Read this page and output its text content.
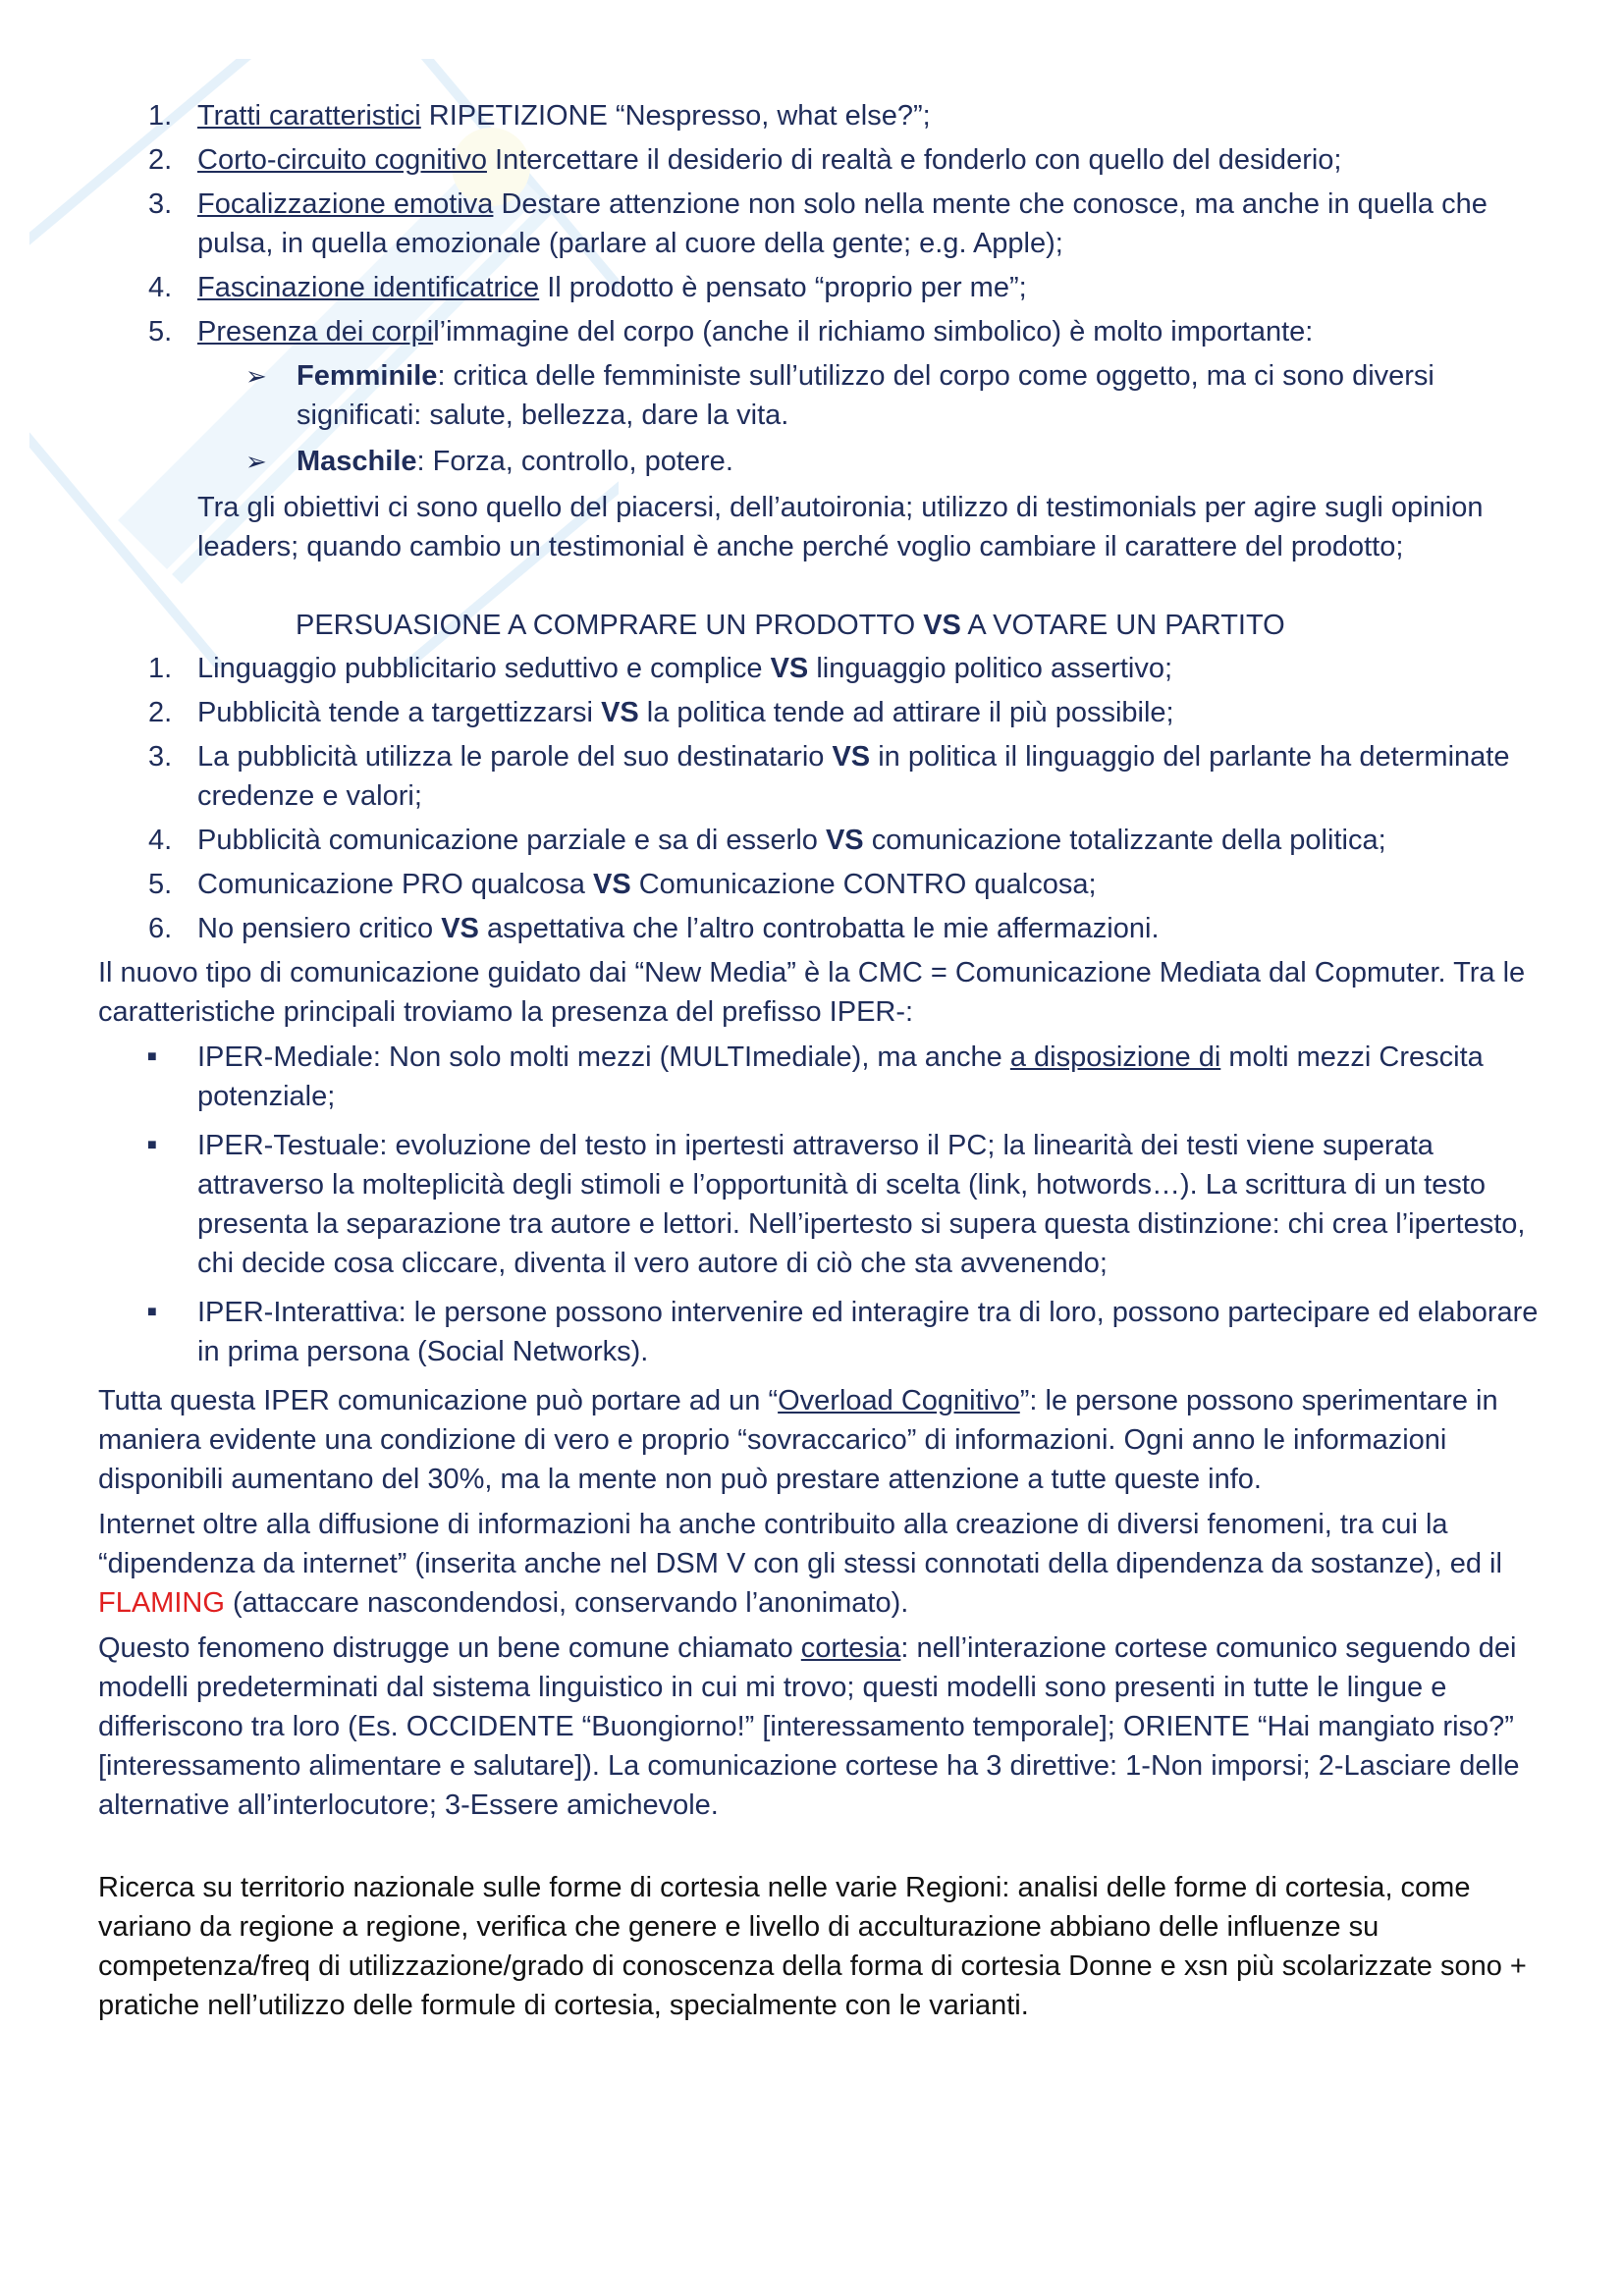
1. Tratti caratteristici RIPETIZIONE “Nespresso, what else?”;
2. Corto-circuito cognitivo Intercettare il desiderio di realtà e fonderlo con quello del desiderio;
3. Focalizzazione emotiva Destare attenzione non solo nella mente che conosce, ma anche in quella che pulsa, in quella emozionale (parlare al cuore della gente; e.g. Apple);
4. Fascinazione identificatrice Il prodotto è pensato “proprio per me”;
5. Presenza dei corpil’immagine del corpo (anche il richiamo simbolico) è molto importante:
➢ Femminile: critica delle femministe sull’utilizzo del corpo come oggetto, ma ci sono diversi significati: salute, bellezza, dare la vita.
➢ Maschile: Forza, controllo, potere.

Tra gli obiettivi ci sono quello del piacersi, dell’autoironia; utilizzo di testimonials per agire sugli opinion leaders; quando cambio un testimonial è anche perché voglio cambiare il carattere del prodotto;

PERSUASIONE A COMPRARE UN PRODOTTO VS A VOTARE UN PARTITO
1. Linguaggio pubblicitario seduttivo e complice VS linguaggio politico assertivo;
2. Pubblicità tende a targettizzarsi VS la politica tende ad attirare il più possibile;
3. La pubblicità utilizza le parole del suo destinatario VS in politica il linguaggio del parlante ha determinate credenze e valori;
4. Pubblicità comunicazione parziale e sa di esserlo VS comunicazione totalizzante della politica;
5. Comunicazione PRO qualcosa VS Comunicazione CONTRO qualcosa;
6. No pensiero critico VS aspettativa che l’altro controbatta le mie affermazioni.

Il nuovo tipo di comunicazione guidato dai “New Media” è la CMC = Comunicazione Mediata dal Copmuter. Tra le caratteristiche principali troviamo la presenza del prefisso IPER-:

■ IPER-Mediale: Non solo molti mezzi (MULTImediale), ma anche a disposizione di molti mezzi Crescita potenziale;
■ IPER-Testuale: evoluzione del testo in ipertesti attraverso il PC; la linearità dei testi viene superata attraverso la molteplicità degli stimoli e l’opportunità di scelta (link, hotwords…). La scrittura di un testo presenta la separazione tra autore e lettori. Nell’ipertesto si supera questa distinzione: chi crea l’ipertesto, chi decide cosa cliccare, diventa il vero autore di ciò che sta avvenendo;
■ IPER-Interattiva: le persone possono intervenire ed interagire tra di loro, possono partecipare ed elaborare in prima persona (Social Networks).

Tutta questa IPER comunicazione può portare ad un “Overload Cognitivo”: le persone possono sperimentare in maniera evidente una condizione di vero e proprio “sovraccarico” di informazioni. Ogni anno le informazioni disponibili aumentano del 30%, ma la mente non può prestare attenzione a tutte queste info.

Internet oltre alla diffusione di informazioni ha anche contribuito alla creazione di diversi fenomeni, tra cui la “dipendenza da internet” (inserita anche nel DSM V con gli stessi connotati della dipendenza da sostanze), ed il FLAMING (attaccare nascondendosi, conservando l’anonimato).

Questo fenomeno distrugge un bene comune chiamato cortesia: nell’interazione cortese comunico seguendo dei modelli predeterminati dal sistema linguistico in cui mi trovo; questi modelli sono presenti in tutte le lingue e differiscono tra loro (Es. OCCIDENTE “Buongiorno!” [interessamento temporale]; ORIENTE “Hai mangiato riso?” [interessamento alimentare e salutare]). La comunicazione cortese ha 3 direttive: 1-Non imporsi; 2-Lasciare delle alternative all’interlocutore; 3-Essere amichevole.

Ricerca su territorio nazionale sulle forme di cortesia nelle varie Regioni: analisi delle forme di cortesia, come variano da regione a regione, verifica che genere e livello di acculturazione abbiano delle influenze su competenza/freq di utilizzazione/grado di conoscenza della forma di cortesia Donne e xsn più scolarizzate sono + pratiche nell’utilizzo delle formule di cortesia, specialmente con le varianti.
